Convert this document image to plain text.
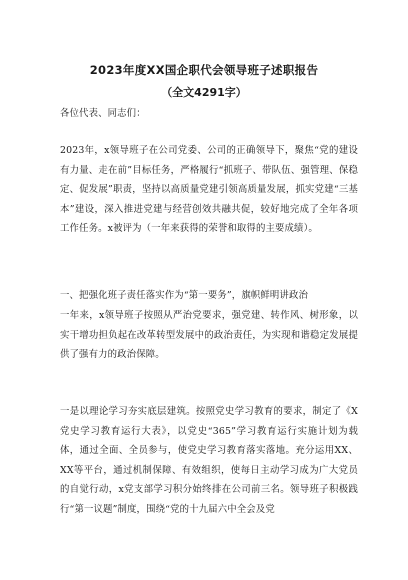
2023年度XX国企职代会领导班子述职报告
（全文4291字）

各位代表、同志们：

2023年，x领导班子在公司党委、公司的正确领导下，聚焦“党的建设有力量、走在前”目标任务，严格履行“抓班子、带队伍、强管理、保稳定、促发展”职责，坚持以高质量党建引领高质量发展，抓实党建“三基本”建设，深入推进党建与经营创效共融共促，较好地完成了全年各项工作任务。x被评为（一年来获得的荣誉和取得的主要成绩）。

一、把强化班子责任落实作为“第一要务”，旗帜鲜明讲政治

一年来，x领导班子按照从严治党要求，强党建、转作风、树形象，以实干增功担负起在改革转型发展中的政治责任，为实现和谐稳定发展提供了强有力的政治保障。

一是以理论学习夯实底层建筑。按照党史学习教育的要求，制定了《X党史学习教育运行大表》，以党史“365”学习教育运行实施计划为载体，通过全面、全员参与，使党史学习教育落实落地。充分运用XX、XX等平台，通过机制保障、有效组织，使每日主动学习成为广大党员的自觉行动，x党支部学习积分始终排在公司前三名。领导班子积极践行“第一议题”制度，围绕“党的十九届六中全会及党
